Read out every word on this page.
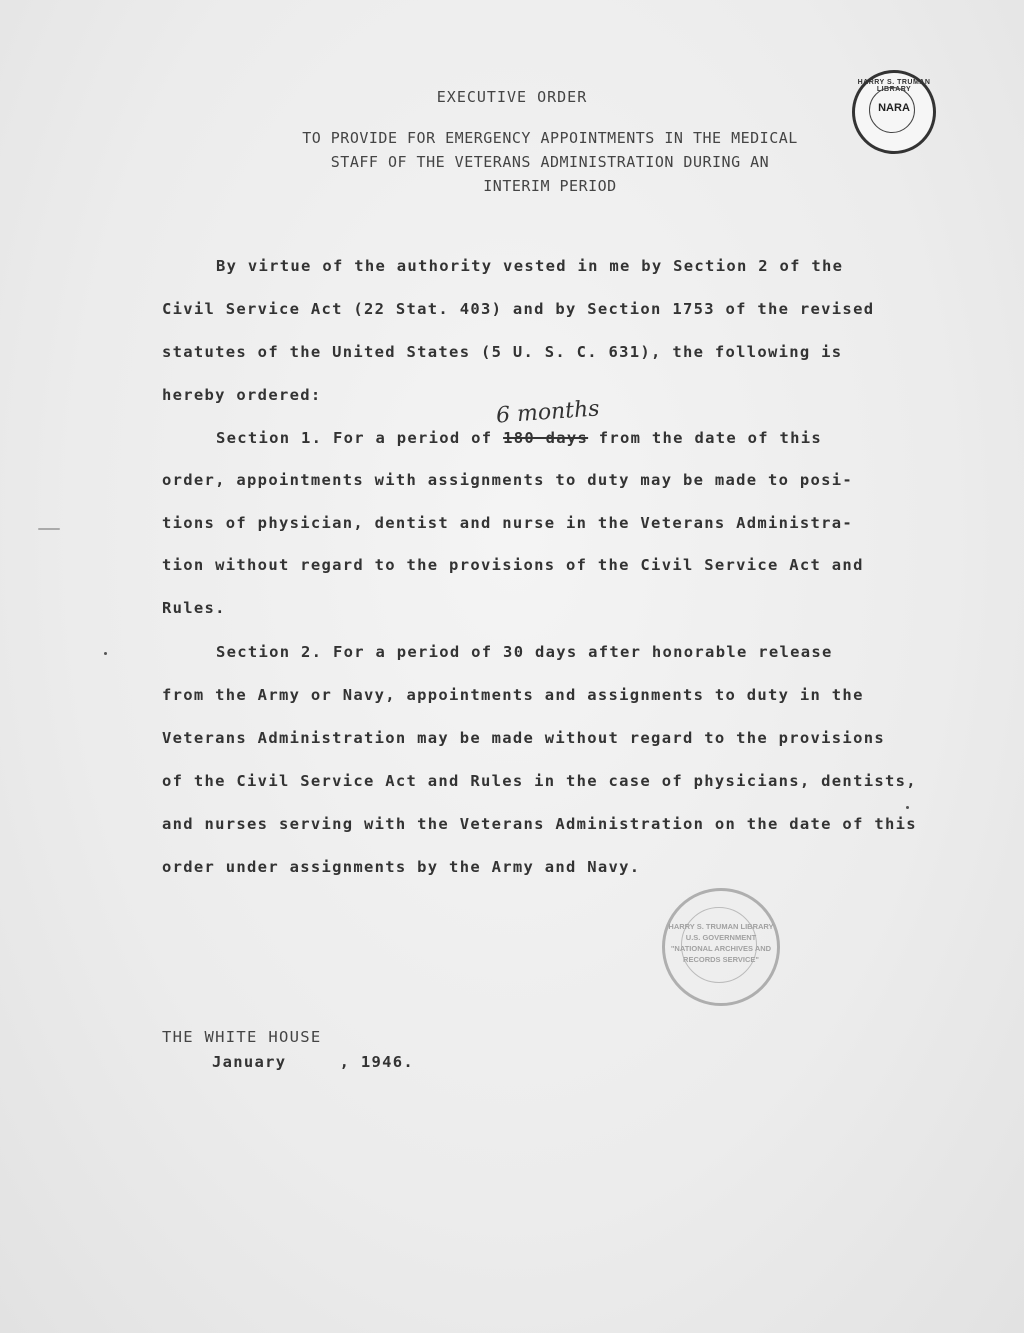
HARRY S. TRUMAN LIBRARY
NARA
EXECUTIVE ORDER
TO PROVIDE FOR EMERGENCY APPOINTMENTS IN THE MEDICAL
STAFF OF THE VETERANS ADMINISTRATION DURING AN
INTERIM PERIOD
By virtue of the authority vested in me by Section 2 of the
Civil Service Act (22 Stat. 403) and by Section 1753 of the revised
statutes of the United States (5 U. S. C. 631), the following is
hereby ordered:
6 months
Section 1. For a period of 180 days from the date of this
order, appointments with assignments to duty may be made to posi-
tions of physician, dentist and nurse in the Veterans Administra-
tion without regard to the provisions of the Civil Service Act and
Rules.
Section 2. For a period of 30 days after honorable release
from the Army or Navy, appointments and assignments to duty in the
Veterans Administration may be made without regard to the provisions
of the Civil Service Act and Rules in the case of physicians, dentists,
and nurses serving with the Veterans Administration on the date of this
order under assignments by the Army and Navy.
HARRY S. TRUMAN LIBRARY U.S. GOVERNMENT
"NATIONAL ARCHIVES AND RECORDS SERVICE"
THE WHITE HOUSE
January     , 1946.
